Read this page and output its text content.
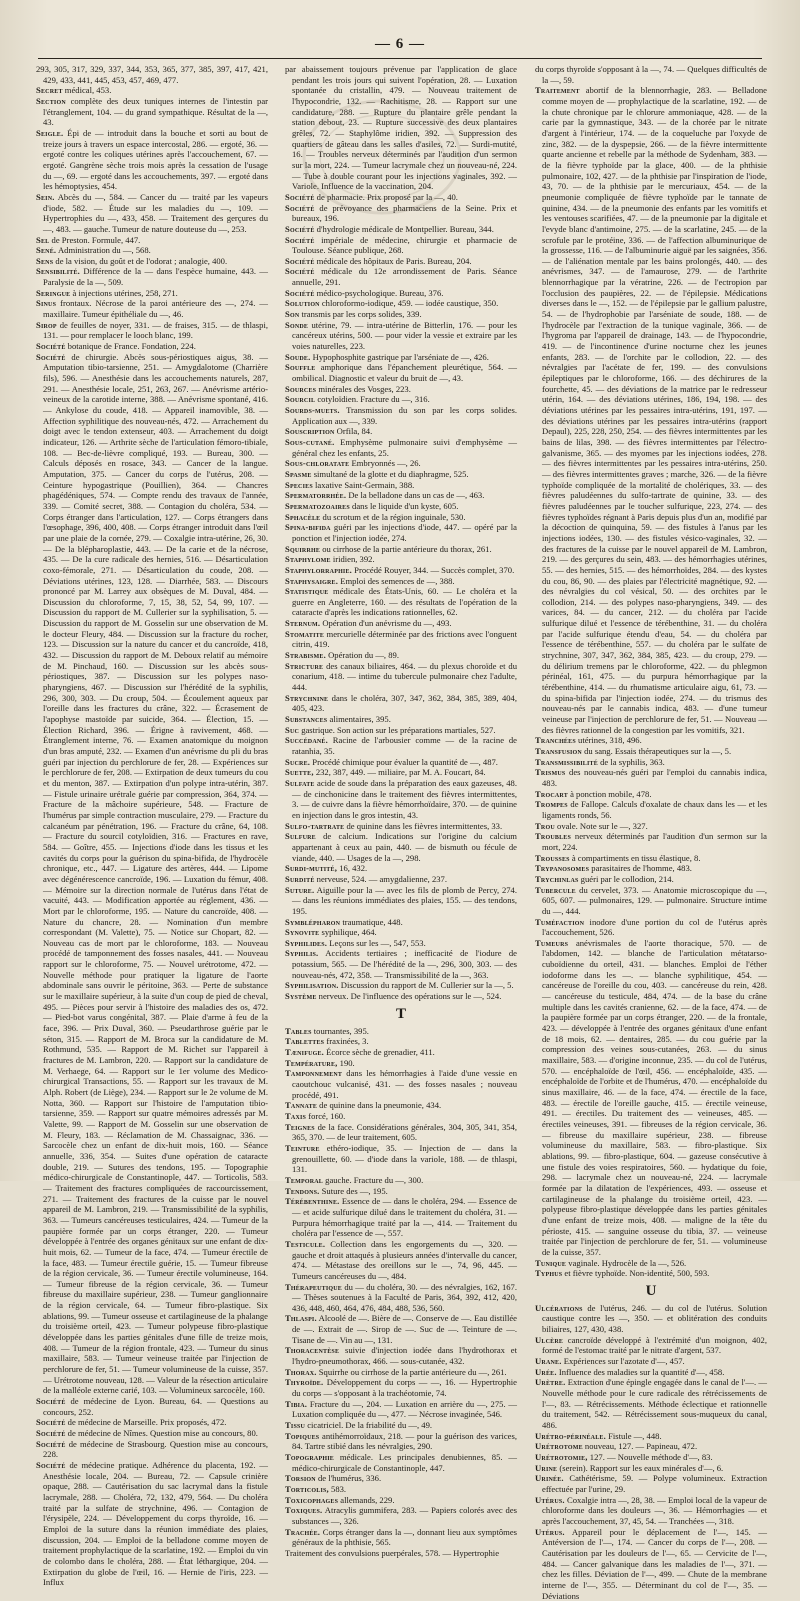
— 6 —

293, 305, 317, 329, 337, 344, 353, 365, 377, 385, 397, 417, 421, 429, 433, 441, 445, 453, 457, 469, 477.

Secret médical, 453.

Section complète des deux tuniques internes de l'intestin par l'étranglement, 104. — du grand sympathique. Résultat de la —, 43.

Seigle. Épi de — introduit dans la bouche et sorti au bout de treize jours à travers un espace intercostal, 286. — ergoté, 36. — ergoté contre les coliques utérines après l'accouchement, 67. — ergoté. Gangrène sèche trois mois après la cessation de l'usage du —, 69. — ergoté dans les accouchements, 397. — ergoté dans les hémoptysies, 454.

Sein. Abcès du —, 584. — Cancer du — traité par les vapeurs d'iode, 582. — Étude sur les maladies du —, 109. — Hypertrophies du —, 433, 458. — Traitement des gerçures du —, 483. — gauche. Tumeur de nature douteuse du —, 253.

Sel de Preston. Formule, 447.

Sené. Administration du —, 568.

Sens de la vision, du goût et de l'odorat ; analogie, 400.

Sensibilité. Différence de la — dans l'espèce humaine, 443. — Paralysie de la —, 509.

Seringue à injections utérines, 258, 271.

Sinus frontaux. Nécrose de la paroi antérieure des —, 274. — maxillaire. Tumeur épithéliale du —, 46.

Sirop de feuilles de noyer, 331. — de fraises, 315. — de thlaspi, 131. — pour remplacer le looch blanc, 199.

Société botanique de France. Fondation, 224.

Société de chirurgie. Abcès sous-périostiques aigus, 38. — Amputation tibio-tarsienne, 251. — Amygdalotome (Charrière fils), 596. — Anesthésie dans les accouchements naturels, 287, 291. — Anesthésie locale, 251, 263, 267. — Anévrisme artério-veineux de la carotide interne, 388. — Anévrisme spontané, 416. — Ankylose du coude, 418. — Appareil inamovible, 38. — Affection syphilitique des nouveau-nés, 472. — Arrachement du doigt avec le tendon extenseur, 403. — Arrachement du doigt indicateur, 126. — Arthrite sèche de l'articulation fémoro-tibiale, 108. — Bec-de-lièvre compliqué, 193. — Bureau, 300. — Calculs déposés en rosace, 343. — Cancer de la langue. Amputation, 375. — Cancer du corps de l'utérus, 208. — Ceinture hypogastrique (Pouillien), 364. — Chancres phagédéniques, 574. — Compte rendu des travaux de l'année, 339. — Comité secret, 388. — Contagion du choléra, 534. — Corps étranger dans l'articulation, 127. — Corps étrangers dans l'œsophage, 396, 400, 408. — Corps étranger introduit dans l'œil par une plaie de la cornée, 279. — Coxalgie intra-utérine, 26, 30. — De la blépharoplastie, 443. — De la carie et de la nécrose, 435. — De la cure radicale des hernies, 516. — Désarticulation coxo-fémorale, 271. — Désarticulation du coude, 208. — Déviations utérines, 123, 128. — Diarrhée, 583. — Discours prononcé par M. Larrey aux obsèques de M. Duval, 484. — Discussion du chloroforme, 7, 15, 38, 52, 54, 99, 107. — Discussion du rapport de M. Cullerier sur la syphilisation, 5. — Discussion du rapport de M. Gosselin sur une observation de M. le docteur Fleury, 484. — Discussion sur la fracture du rocher, 123. — Discussion sur la nature du cancer et du cancroïde, 418, 432. — Discussion du rapport de M. Deboux relatif au mémoire de M. Pinchaud, 160. — Discussion sur les abcès sous-périostiques, 387. — Discussion sur les polypes naso-pharyngiens, 467. — Discussion sur l'hérédité de la syphilis, 296, 300, 303. — Du croup, 504. — Écoulement aqueux par l'oreille dans les fractures du crâne, 322. — Écrasement de l'apophyse mastoïde par suicide, 364. — Élection, 15. — Élection Richard, 396. — Érigne à ravivement, 468. — Étranglement interne, 76. — Examen anatomique du moignon d'un bras amputé, 232. — Examen d'un anévrisme du pli du bras guéri par injection du perchlorure de fer, 28. — Expériences sur le perchlorure de fer, 208. — Extirpation de deux tumeurs du cou et du menton, 387. — Extirpation d'un polype intra-utérin, 387. — Fistule urinaire urétrale guérie par compression, 364, 374. — Fracture de la mâchoire supérieure, 548. — Fracture de l'humérus par simple contraction musculaire, 279. — Fracture du calcanéum par pénétration, 196. — Fracture du crâne, 64, 108. — Fracture du sourcil cotyloïdien, 316. — Fractures en rave, 584. — Goître, 455. — Injections d'iode dans les tissus et les cavités du corps pour la guérison du spina-bifida, de l'hydrocèle chronique, etc., 447. — Ligature des artères, 444. — Lipome avec dégénérescence cancroïde, 196. — Luxation du fémur, 408. — Mémoire sur la direction normale de l'utérus dans l'état de vacuité, 443. — Modification apportée au réglement, 436. — Mort par le chloroforme, 195. — Nature du cancroïde, 408. — Nature du chancre, 28. — Nomination d'un membre correspondant (M. Valette), 75. — Notice sur Chopart, 82. — Nouveau cas de mort par le chloroforme, 183. — Nouveau procédé de tamponnement des fosses nasales, 441. — Nouveau rapport sur le chloroforme, 75. — Nouvel urétrotome, 472. — Nouvelle méthode pour pratiquer la ligature de l'aorte abdominale sans ouvrir le péritoine, 363. — Perte de substance sur le maxillaire supérieur, à la suite d'un coup de pied de cheval, 495. — Pièces pour servir à l'histoire des maladies des os, 472. — Pied-bot varus congénital, 387. — Plaie d'arme à feu de la face, 396. — Prix Duval, 360. — Pseudarthrose guérie par le séton, 315. — Rapport de M. Broca sur la candidature de M. Rothmund, 535. — Rapport de M. Richet sur l'appareil à fractures de M. Lambron, 220. — Rapport sur la candidature de M. Verhaege, 64. — Rapport sur le 1er volume des Medico-chirurgical Transactions, 55. — Rapport sur les travaux de M. Alph. Robert (de Liège), 234. — Rapport sur le 2e volume de M. Notta, 360. — Rapport sur l'histoire de l'amputation tibio-tarsienne, 359. — Rapport sur quatre mémoires adressés par M. Valette, 99. — Rapport de M. Gosselin sur une observation de M. Fleury, 183. — Réclamation de M. Chassaignac, 336. — Sarcocèle chez un enfant de dix-huit mois, 160. — Séance annuelle, 336, 354. — Suites d'une opération de cataracte double, 219. — Sutures des tendons, 195. — Topographie médico-chirurgicale de Constantinople, 447. — Torticolis, 583. — Traitement des fractures compliquées de raccourcissement, 271. — Traitement des fractures de la cuisse par le nouvel appareil de M. Lambron, 219. — Transmissibilité de la syphilis, 363. — Tumeurs cancéreuses testiculaires, 424. — Tumeur de la paupière formée par un corps étranger, 220. — Tumeur développée à l'entrée des organes génitaux sur une enfant de dix-huit mois, 62. — Tumeur de la face, 474. — Tumeur érectile de la face, 483. — Tumeur érectile guérie, 15. — Tumeur fibreuse de la région cervicale, 36. — Tumeur érectile volumineuse, 164. — Tumeur fibreuse de la région cervicale, 36. — Tumeur fibreuse du maxillaire supérieur, 238. — Tumeur ganglionnaire de la région cervicale, 64. — Tumeur fibro-plastique. Six ablations, 99. — Tumeur osseuse et cartilagineuse de la phalange du troisième orteil, 423. — Tumeur polypeuse fibro-plastique développée dans les parties génitales d'une fille de treize mois, 408. — Tumeur de la région frontale, 423. — Tumeur du sinus maxillaire, 583. — Tumeur veineuse traitée par l'injection de perchlorure de fer, 51. — Tumeur volumineuse de la cuisse, 357. — Urétrotome nouveau, 128. — Valeur de la résection articulaire de la malléole externe carié, 103. — Volumineux sarcocèle, 160.

Société de médecine de Lyon. Bureau, 64. — Questions au concours, 252.

Société de médecine de Marseille. Prix proposés, 472.

Société de médecine de Nîmes. Question mise au concours, 80.

Société de médecine de Strasbourg. Question mise au concours, 228.

Société de médecine pratique. Adhérence du placenta, 192. — Anesthésie locale, 204. — Bureau, 72. — Capsule crinière opaque, 288. — Cautérisation du sac lacrymal dans la fistule lacrymale, 288. — Choléra, 72, 132, 479, 564. — Du choléra traité par la sulfate de strychnine, 496. — Contagion de l'érysipèle, 224. — Développement du corps thyroïde, 16. — Emploi de la suture dans la réunion immédiate des plaies, discussion, 204. — Emploi de la belladone comme moyen de traitement prophylactique de la scarlatine, 192. — Emploi du vin de colombo dans le choléra, 288. — État léthargique, 204. — Extirpation du globe de l'œil, 16. — Hernie de l'iris, 223. — Influx

par abaissement toujours prévenue par l'application de glace pendant les trois jours qui suivent l'opération, 28. — Luxation spontanée du cristallin, 479. — Nouveau traitement de l'hypocondrie, 132. — Rachitisme, 28. — Rapport sur une candidature, 288. — Rupture du plantaire grêle pendant la station debout, 23. — Rupture successive des deux plantaires grêles, 72. — Staphylôme iridien, 392. — Suppression des quartiers de gâteau dans les salles d'asiles, 72. — Surdi-mutité, 16. — Troubles nerveux déterminés par l'audition d'un sermon sur la mort, 224. — Tumeur lacrymale chez un nouveau-né, 224. — Tube à double courant pour les injections vaginales, 392. — Variole. Influence de la vaccination, 204.

Société de pharmacie. Prix proposé par la —, 40.

Société de prévoyance des pharmaciens de la Seine. Prix et bureaux, 196.

Société d'hydrologie médicale de Montpellier. Bureau, 344.

Société impériale de médecine, chirurgie et pharmacie de Toulouse. Séance publique, 268.

Société médicale des hôpitaux de Paris. Bureau, 204.

Société médicale du 12e arrondissement de Paris. Séance annuelle, 291.

Société médico-psychologique. Bureau, 376.

Solution chloroformo-iodique, 459. — iodée caustique, 350.

Son transmis par les corps solides, 339.

Sonde utérine, 79. — intra-utérine de Bitterlin, 176. — pour les cancéreux utérins, 500. — pour vider la vessie et extraire par les voies naturelles, 223.

Soude. Hypophosphite gastrique par l'arséniate de —, 426.

Souffle amphorique dans l'épanchement pleurétique, 564. — ombilical. Diagnostic et valeur du bruit de —, 43.

Sources minérales des Vosges, 223.

Sourcil cotyloïdien. Fracture du —, 316.

Sourds-muets. Transmission du son par les corps solides. Application aux —, 339.

Souscription Orfila, 84.

Sous-cutané. Emphysème pulmonaire suivi d'emphysème — général chez les enfants, 25.

Sous-chloratate Embryonnés —, 26.

Spasme simultané de la glotte et du diaphragme, 525.

Species laxative Saint-Germain, 388.

Spermatorrhée. De la belladone dans un cas de —, 463.

Spermatozoaires dans le liquide d'un kyste, 605.

Sphacèle du scrotum et de la région inguinale, 530.

Spina-bifida guéri par les injections d'iode, 447. — opéré par la ponction et l'injection iodée, 274.

Squirrhe ou cirrhose de la partie antérieure du thorax, 261.

Staphylome iridien, 392.

Staphylorraphie. Procédé Rouyer, 344. — Succès complet, 370.

Staphysaigre. Emploi des semences de —, 388.

Statistique médicale des États-Unis, 60. — Le choléra et la guerre en Angleterre, 160. — des résultats de l'opération de la cataracte d'après les indications rationnelles, 62.

Sternum. Opération d'un anévrisme du —, 493.

Stomatite mercurielle déterminée par des frictions avec l'onguent citrin, 419.

Strabisme. Opération du —, 89.

Stricture des canaux biliaires, 464. — du plexus choroïde et du conarium, 418. — intime du tubercule pulmonaire chez l'adulte, 444.

Strychnine dans le choléra, 307, 347, 362, 384, 385, 389, 404, 405, 423.

Substances alimentaires, 395.

Suc gastrique. Son action sur les préparations martiales, 527.

Succédané. Racine de l'arbousier comme — de la racine de ratanhia, 35.

Sucre. Procédé chimique pour évaluer la quantité de —, 487.

Suette, 232, 387, 449. — miliaire, par M. A. Foucart, 84.

Sulfate acide de soude dans la préparation des eaux gazeuses, 48. — de cinchonicine dans le traitement des fièvres intermittentes, 3. — de cuivre dans la fièvre hémorrhoïdaire, 370. — de quinine en injection dans le gros intestin, 43.

Sulfo-tartrate de quinine dans les fièvres intermittentes, 33.

Sulfure de calcium. Indications sur l'origine du calcium appartenant à ceux au pain, 440. — de bismuth ou fécule de viande, 440. — Usages de la —, 298.

Surdi-mutité, 16, 432.

Surdité nerveuse, 524. — amygdalienne, 237.

Suture. Aiguille pour la — avec les fils de plomb de Percy, 274. — dans les réunions immédiates des plaies, 155. — des tendons, 195.

Symblépharon traumatique, 448.

Synovite syphilique, 464.

Syphilides. Leçons sur les —, 547, 553.

Syphilis. Accidents tertiaires ; inefficacité de l'iodure de potassium, 565. — De l'hérédité de la —, 296, 300, 303. — des nouveau-nés, 472, 358. — Transmissibilité de la —, 363.

Syphilisation. Discussion du rapport de M. Cullerier sur la —, 5.

Système nerveux. De l'influence des opérations sur le —, 524.

T

Tables tournantes, 395.

Tablettes fraxinées, 3.

Tænifuge. Écorce sèche de grenadier, 411.

Température, 190.

Tamponnement dans les hémorrhagies à l'aide d'une vessie en caoutchouc vulcanisé, 431. — des fosses nasales ; nouveau procédé, 491.

Tannate de quinine dans la pneumonie, 434.

Taxis forcé, 160.

Teignes de la face. Considérations générales, 304, 305, 341, 354, 365, 370. — de leur traitement, 605.

Teinture ethéro-iodique, 35. — Injection de — dans la grenouillette, 60. — d'iode dans la variole, 188. — de thlaspi, 131.

Temporal gauche. Fracture du —, 300.

Tendons. Suture des —, 195.

Térébenthine. Essence de — dans le choléra, 294. — Essence de — et acide sulfurique dilué dans le traitement du choléra, 31. — Purpura hémorrhagique traité par la —, 414. — Traitement du choléra par l'essence de —, 557.

Testicule. Collection dans les engorgements du —, 320. — gauche et droit attaqués à plusieurs années d'intervalle du cancer, 474. — Métastase des oreillons sur le —, 74, 96, 445. — Tumeurs cancéreuses du —, 484.

Thérapeutique du — du choléra, 30. — des névralgies, 162, 167. — Thèses soutenues à la Faculté de Paris, 364, 392, 412, 420, 436, 448, 460, 464, 476, 484, 488, 536, 560.

Thlaspi. Alcoolé de —. Bière de —. Conserve de —. Eau distillée de —. Extrait de —. Sirop de —. Suc de —. Teinture de —. Tisane de —. Vin au —, 131.

Thoracentèse suivie d'injection iodée dans l'hydrothorax et l'hydro-pneumothorax, 466. — sous-cutanée, 432.

Thorax. Squirrhe ou cirrhose de la partie antérieure du —, 261.

Thyroïde. Développement du corps — —, 16. — Hypertrophie du corps — s'opposant à la trachéotomie, 74.

Tibia. Fracture du —, 204. — Luxation en arrière du —, 275. — Luxation compliquée du —, 477. — Nécrose invaginée, 546.

Tissu cicatriciel. De la friabilité du —, 49.

Topiques antihémorroïdaux, 218. — pour la guérison des varices, 84. Tartre stibié dans les névralgies, 290.

Topographie médicale. Les principales denubiennes, 85. — médico-chirurgicale de Constantinople, 447.

Torsion de l'humérus, 336.

Torticolis, 583.

Toxicophages allemands, 229.

Toxiques. Atracylis gummifera, 283. — Papiers colorés avec des substances —, 326.

Trachée. Corps étranger dans la —, donnant lieu aux symptômes généraux de la phthisie, 565.

Traitement des convulsions puerpérales, 578. — Hypertrophie

du corps thyroïde s'opposant à la —, 74. — Quelques difficultés de la —, 59.

Traitement abortif de la blennorrhagie, 283. — Belladone comme moyen de — prophylactique de la scarlatine, 192. — de la chute chronique par le chlorure ammoniaque, 428. — de la carie par la gymnastique, 343. — de la chorée par le nitrate d'argent à l'intérieur, 174. — de la coqueluche par l'oxyde de zinc, 382. — de la dyspepsie, 266. — de la fièvre intermittente quarte ancienne et rebelle par la méthode de Sydenham, 383. — de la fièvre typhoïde par la glace, 400. — de la phthisie pulmonaire, 102, 427. — de la phthisie par l'inspiration de l'iode, 43, 70. — de la phthisie par le mercuriaux, 454. — de la pneumonie compliquée de fièvre typhoïde par le tannate de quinine, 434. — de la pneumonie des enfants par les vomitifs et les ventouses scarifiées, 47. — de la pneumonie par la digitale et l'evyde blanc d'antimoine, 275. — de la scarlatine, 245. — de la scrofule par le protéine, 336. — de l'affection albuminurique de la grossesse, 116. — de l'albuminurie aiguë par les saignées, 356. — de l'aliénation mentale par les bains prolongés, 440. — des anévrismes, 347. — de l'amaurose, 279. — de l'arthrite blennorrhagique par la vératrine, 226. — de l'ectropion par l'occlusion des paupières, 22. — de l'épilepsie. Médications diverses dans le —, 152. — de l'épilepsie par le gallium palustre, 54. — de l'hydrophobie par l'arséniate de soude, 188. — de l'hydrocèle par l'extraction de la tunique vaginale, 366. — de l'hygroma par l'appareil de drainage, 143. — de l'hypocondrie, 419. — de l'incontinence d'urine nocturne chez les jeunes enfants, 283. — de l'orchite par le collodion, 22. — des névralgies par l'acétate de fer, 199. — des convulsions épileptiques par le chloroforme, 166. — des déchirures de la fourchette, 45. — des déviations de la matrice par le redresseur utérin, 164. — des déviations utérines, 186, 194, 198. — des déviations utérines par les pessaires intra-utérins, 191, 197. — des déviations utérines par les pessaires intra-utérins (rapport Depaul), 225, 228, 250, 254. — des fièvres intermittentes par les bains de lilas, 398. — des fièvres intermittentes par l'électro-galvanisme, 365. — des myomes par les injections iodées, 278. — des fièvres intermittentes par les pessaires intra-utérins, 250. — des fièvres intermittentes graves ; marche, 326. — de la fièvre typhoïde compliquée de la mortalité de cholériques, 33. — des fièvres paludéennes du sulfo-tartrate de quinine, 33. — des fièvres paludéennes par le toucher sulfurique, 223, 274. — des fièvres typhoïdes régnant à Paris depuis plus d'un an, modifié par la décoction de quinquina, 59. — des fistules à l'anus par les injections iodées, 130. — des fistules vésico-vaginales, 32. — des fractures de la cuisse par le nouvel appareil de M. Lambron, 219. — des gerçures du sein, 483. — des hémorrhagies utérines, 55. — des hernies, 515. — des hémorrhoïdes, 284. — des kystes du cou, 86, 90. — des plaies par l'électricité magnétique, 92. — des névralgies du col vésical, 50. — des orchites par le collodion, 214. — des polypes naso-pharyngiens, 349. — des varices, 84. — du cancer, 212. — du choléra par l'acide sulfurique dilué et l'essence de térébenthine, 31. — du choléra par l'acide sulfurique étendu d'eau, 54. — du choléra par l'essence de térébenthine, 557. — du choléra par le sulfate de strychnine, 307, 347, 362, 384, 385, 423. — du croup, 279. — du délirium tremens par le chloroforme, 422. — du phlegmon périnéal, 161, 475. — du purpura hémorrhagique par la térébenthine, 414. — du rhumatisme articulaire aigu, 61, 73. — du spina-bifida par l'injection iodée, 274. — du trismus des nouveau-nés par le cannabis indica, 483. — d'une tumeur veineuse par l'injection de perchlorure de fer, 51. — Nouveau — des fièvres rationnel de la congestion par les vomitifs, 321.

Tranchées utérines, 318, 496.

Transfusion du sang. Essais thérapeutiques sur la —, 5.

Transmissibilité de la syphilis, 363.

Trismus des nouveau-nés guéri par l'emploi du cannabis indica, 483.

Trocart à ponction mobile, 478.

Trompes de Fallope. Calculs d'oxalate de chaux dans les — et les ligaments ronds, 56.

Trou ovale. Note sur le —, 327.

Troubles nerveux déterminés par l'audition d'un sermon sur la mort, 224.

Trousses à compartiments en tissu élastique, 8.

Trypanosomes parasitaires de l'homme, 483.

Trychinlas guéri par le collodion, 214.

Tubercule du cervelet, 373. — Anatomie microscopique du —, 605, 607. — pulmonaires, 129. — pulmonaire. Structure intime du —, 444.

Tuméfaction inodore d'une portion du col de l'utérus après l'accouchement, 526.

Tumeurs anévrismales de l'aorte thoracique, 570. — de l'abdomen, 142. — blanche de l'articulation métatarso-cuboïdienne du orteil, 431. — blanches. Emploi de l'éther iodoforme dans les —. — blanche syphilitique, 454. — cancéreuse de l'oreille du cou, 403. — cancéreuse du rein, 428. — cancéreuse du testicule, 484, 474. — de la base du crâne multiple dans les cavités cranienne, 62. — de la face, 474. — de la paupière formée par un corps étranger, 220. — de la frontale, 423. — développée à l'entrée des organes génitaux d'une enfant de 18 mois, 62. — dentaires, 285. — du cou guérie par la compression des veines sous-cutanées, 263. — du sinus maxillaire, 583. — d'origine inconnue, 235. — du col de l'utérus, 570. — encéphaloïde de l'œil, 456. — encéphaloïde, 435. — encéphaloïde de l'orbite et de l'humérus, 470. — encéphaloïde du sinus maxillaire, 46. — de la face, 474. — érectile de la face, 483. — érectile de l'oreille gauche, 415. — érectile veineuse, 491. — érectiles. Du traitement des — veineuses, 485. — érectiles veineuses, 391. — fibreuses de la région cervicale, 36. — fibreuse du maxillaire supérieur, 238. — fibreuse volumineuse du maxillaire, 583. — fibro-plastique. Six ablations, 99. — fibro-plastique, 604. — gazeuse consécutive à une fistule des voies respiratoires, 560. — hydatique du foie, 298. — lacrymale chez un nouveau-né, 224. — lacrymale formée par la dilatation de l'expériences, 493. — osseuse et cartilagineuse de la phalange du troisième orteil, 423. — polypeuse fibro-plastique développée dans les parties génitales d'une enfant de treize mois, 408. — maligne de la tête du périoste, 415. — sanguine osseuse du tibia, 37. — veineuse traitée par l'injection de perchlorure de fer, 51. — volumineuse de la cuisse, 357.

Tunique vaginale. Hydrocèle de la —, 526.

Typhus et fièvre typhoïde. Non-identité, 500, 593.

U

Ulcérations de l'utérus, 246. — du col de l'utérus. Solution caustique contre les —, 350. — et oblitération des conduits biliaires, 127, 430, 438.

Ulcère cancroïde développé à l'extrémité d'un moignon, 402, formé de l'estomac traité par le nitrate d'argent, 537.

Urane. Expériences sur l'azotate d'—, 457.

Urée. Influence des maladies sur la quantité d'—, 458.

Urètre. Extraction d'une épingle engagée dans le canal de l'—. — Nouvelle méthode pour le cure radicale des rétrécissements de l'—, 83. — Rétrécissements. Méthode éclectique et rationnelle du traitement, 542. — Rétrécissement sous-muqueux du canal, 486.

Urétro-périnéale. Fistule —, 448.

Urétrotome nouveau, 127. — Papineau, 472.

Urétrotomie, 127. — Nouvelle méthode d'—, 83.

Urine (serein). Rapport sur les eaux minérales d'—, 6.

Urinée. Cathétérisme, 59. — Polype volumineux. Extraction effectuée par l'urine, 29.

Utérus. Coxalgie intra —, 28, 38. — Emploi local de la vapeur de chloroforme dans les douleurs —, 36. — Hémorrhagies — et après l'accouchement, 37, 45, 54. — Tranchées —, 318.

Utérus. Appareil pour le déplacement de l'—, 145. — Antéversion de l'—, 174. — Cancer du corps de l'—, 208. — Cautérisation par les douleurs de l'—, 65. — Cervicite de l'—, 484. — Cancer galvanique dans les maladies de l'—, 371. — chez les filles. Déviation de l'—, 499. — Chute de la membrane interne de l'—, 355. — Déterminant du col de l'—, 35. — Déviations
